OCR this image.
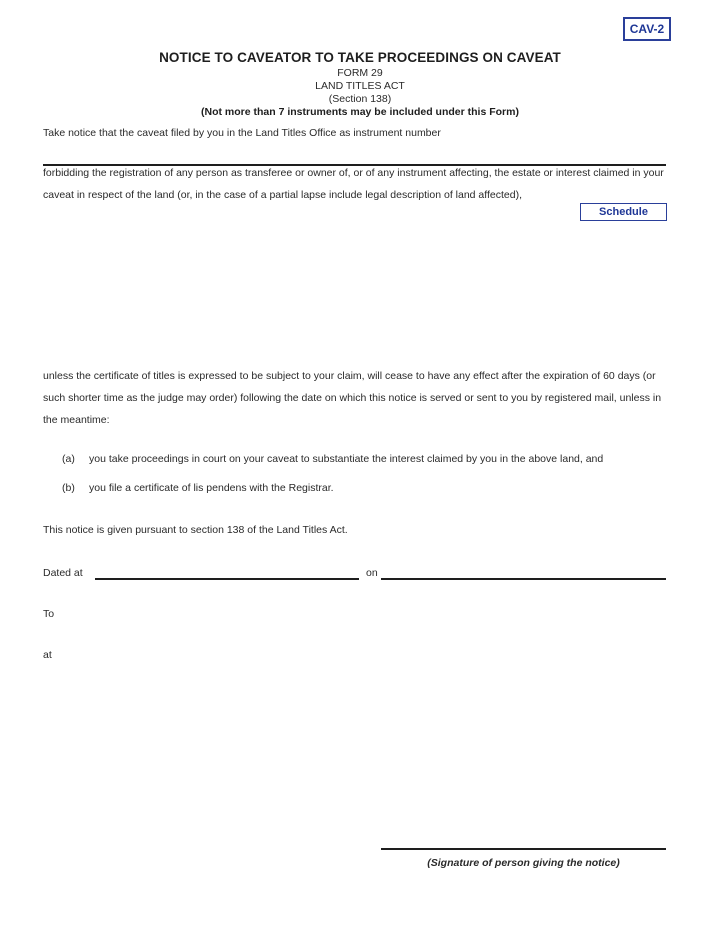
CAV-2
NOTICE TO CAVEATOR TO TAKE PROCEEDINGS ON CAVEAT
FORM 29
LAND TITLES ACT
(Section 138)
(Not more than 7 instruments may be included under this Form)
Take notice that the caveat filed by you in the Land Titles Office as instrument number
forbidding the registration of any person as transferee or owner of, or of any instrument affecting, the estate or interest claimed in your caveat in respect of the land (or, in the case of a partial lapse include legal description of land affected),
Schedule
unless the certificate of titles is expressed to be subject to your claim, will cease to have any effect after the expiration of 60 days (or such shorter time as the judge may order) following the date on which this notice is served or sent to you by registered mail, unless in the meantime:
(a) you take proceedings in court on your caveat to substantiate the interest claimed by you in the above land, and
(b) you file a certificate of lis pendens with the Registrar.
This notice is given pursuant to section 138 of the Land Titles Act.
Dated at	on
To
at
(Signature of person giving the notice)
